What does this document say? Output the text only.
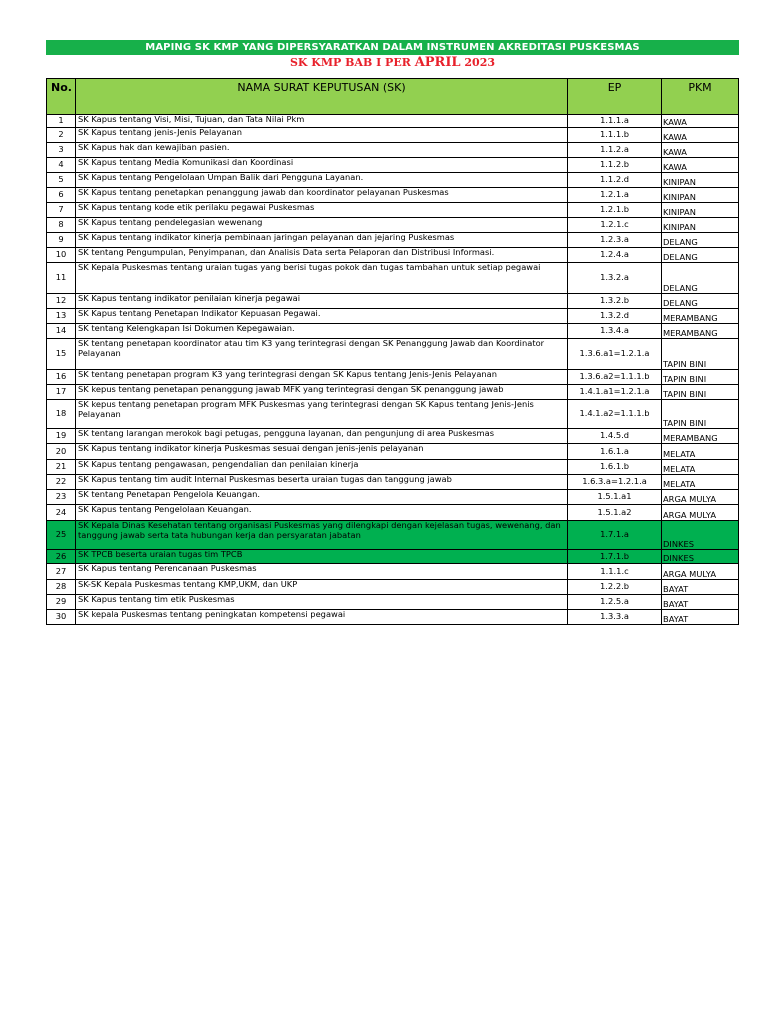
MAPING SK KMP YANG DIPERSYARATKAN DALAM INSTRUMEN AKREDITASI PUSKESMAS
SK KMP BAB I PER APRIL 2023
No.	NAMA SURAT KEPUTUSAN (SK)	EP	PKM
1	SK Kapus tentang Visi, Misi, Tujuan, dan Tata Nilai Pkm	1.1.1.a	KAWA
2	SK Kapus tentang jenis-Jenis Pelayanan	1.1.1.b	KAWA
3	SK Kapus hak dan kewajiban pasien.	1.1.2.a	KAWA
4	SK Kapus tentang Media Komunikasi dan Koordinasi	1.1.2.b	KAWA
5	SK Kapus tentang Pengelolaan Umpan Balik dari Pengguna Layanan.	1.1.2.d	KINIPAN
6	SK Kapus tentang penetapkan penanggung jawab dan koordinator pelayanan Puskesmas	1.2.1.a	KINIPAN
7	SK Kapus tentang kode etik perilaku pegawai Puskesmas	1.2.1.b	KINIPAN
8	SK Kapus tentang pendelegasian wewenang	1.2.1.c	KINIPAN
9	SK Kapus tentang indikator kinerja pembinaan jaringan pelayanan dan jejaring Puskesmas	1.2.3.a	DELANG
10	SK tentang Pengumpulan, Penyimpanan, dan Analisis Data serta Pelaporan dan Distribusi Informasi.	1.2.4.a	DELANG
11	SK Kepala Puskesmas tentang uraian tugas yang berisi tugas pokok dan tugas tambahan untuk setiap pegawai	1.3.2.a	DELANG
12	SK Kapus tentang indikator penilaian kinerja pegawai	1.3.2.b	DELANG
13	SK Kapus tentang Penetapan Indikator Kepuasan Pegawai.	1.3.2.d	MERAMBANG
14	SK tentang Kelengkapan Isi Dokumen Kepegawaian.	1.3.4.a	MERAMBANG
15	SK tentang penetapan koordinator atau tim K3 yang terintegrasi dengan SK Penanggung Jawab dan Koordinator Pelayanan	1.3.6.a1=1.2.1.a	TAPIN BINI
16	SK tentang penetapan program K3 yang terintegrasi dengan SK Kapus tentang Jenis-Jenis Pelayanan	1.3.6.a2=1.1.1.b	TAPIN BINI
17	SK kepus tentang penetapan penanggung jawab MFK yang terintegrasi dengan SK penanggung jawab	1.4.1.a1=1.2.1.a	TAPIN BINI
18	SK kepus tentang penetapan program MFK Puskesmas yang terintegrasi dengan SK Kapus tentang Jenis-Jenis Pelayanan	1.4.1.a2=1.1.1.b	TAPIN BINI
19	SK tentang larangan merokok bagi petugas, pengguna layanan, dan pengunjung di area Puskesmas	1.4.5.d	MERAMBANG
20	SK Kapus tentang indikator kinerja Puskesmas sesuai dengan jenis-jenis pelayanan	1.6.1.a	MELATA
21	SK Kapus tentang pengawasan, pengendalian dan penilaian kinerja	1.6.1.b	MELATA
22	SK Kapus tentang tim audit Internal Puskesmas beserta uraian tugas dan tanggung jawab	1.6.3.a=1.2.1.a	MELATA
23	SK tentang Penetapan Pengelola Keuangan.	1.5.1.a1	ARGA MULYA
24	SK Kapus tentang Pengelolaan Keuangan.	1.5.1.a2	ARGA MULYA
25	SK Kepala Dinas Kesehatan tentang organisasi Puskesmas yang dilengkapi dengan kejelasan tugas, wewenang, dan tanggung jawab serta tata hubungan kerja dan persyaratan jabatan	1.7.1.a	DINKES
26	SK TPCB beserta uraian tugas tim TPCB	1.7.1.b	DINKES
27	SK Kapus tentang Perencanaan Puskesmas	1.1.1.c	ARGA MULYA
28	SK-SK Kepala Puskesmas tentang KMP,UKM, dan UKP	1.2.2.b	BAYAT
29	SK Kapus tentang tim etik Puskesmas	1.2.5.a	BAYAT
30	SK kepala Puskesmas tentang peningkatan kompetensi pegawai	1.3.3.a	BAYAT
